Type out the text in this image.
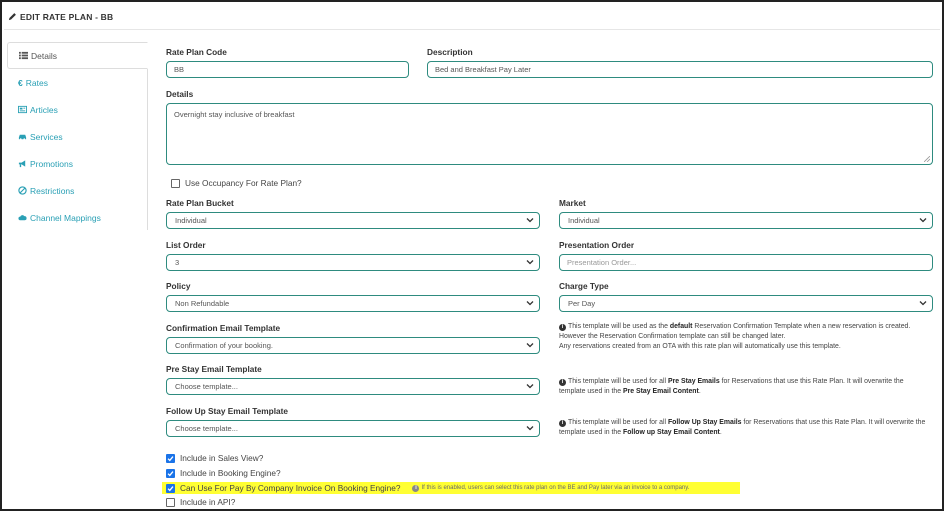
EDIT RATE PLAN - BB
Details
€ Rates
Articles
Services
Promotions
Restrictions
Channel Mappings
Rate Plan Code
BB
Description
Bed and Breakfast Pay Later
Details
Overnight stay inclusive of breakfast
Use Occupancy For Rate Plan?
Rate Plan Bucket
Individual
Market
Individual
List Order
3
Presentation Order
Presentation Order...
Policy
Non Refundable
Charge Type
Per Day
Confirmation Email Template
Confirmation of your booking.
i This template will be used as the default Reservation Confirmation Template when a new reservation is created. However the Reservation Confirmation template can still be changed later.
Any reservations created from an OTA with this rate plan will automatically use this template.
Pre Stay Email Template
Choose template...	i This template will be used for all Pre Stay Emails for Reservations that use this Rate Plan. It will overwrite the template used in the Pre Stay Email Content.
Follow Up Stay Email Template
Choose template...
i This template will be used for all Follow Up Stay Emails for Reservations that use this Rate Plan. It will overwrite the template used in the Follow up Stay Email Content.
Include in Sales View?
Include in Booking Engine?
Can Use For Pay By Company Invoice On Booking Engine?	i If this is enabled, users can select this rate plan on the BE and Pay later via an invoice to a company.
Include in API?
